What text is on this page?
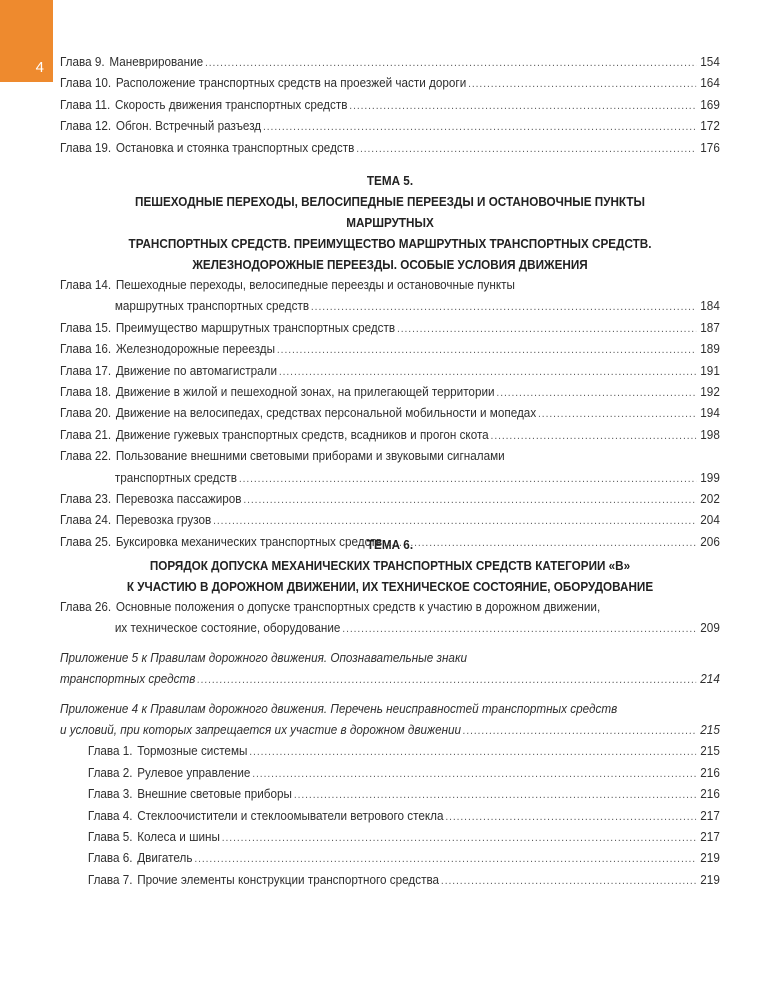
4 Глава 9. Маневрирование .....	154
Глава 10. Расположение транспортных средств на проезжей части дороги .....	164
Глава 11. Скорость движения транспортных средств .....	169
Глава 12. Обгон. Встречный разъезд .....	172
Глава 19. Остановка и стоянка транспортных средств .....	176
ТЕМА 5.
ПЕШЕХОДНЫЕ ПЕРЕХОДЫ, ВЕЛОСИПЕДНЫЕ ПЕРЕЕЗДЫ И ОСТАНОВОЧНЫЕ ПУНКТЫ МАРШРУТНЫХ
ТРАНСПОРТНЫХ СРЕДСТВ. ПРЕИМУЩЕСТВО МАРШРУТНЫХ ТРАНСПОРТНЫХ СРЕДСТВ.
ЖЕЛЕЗНОДОРОЖНЫЕ ПЕРЕЕЗДЫ. ОСОБЫЕ УСЛОВИЯ ДВИЖЕНИЯ
Глава 14. Пешеходные переходы, велосипедные переезды и остановочные пункты
маршрутных транспортных средств .....	184
Глава 15. Преимущество маршрутных транспортных средств .....	187
Глава 16. Железнодорожные переезды .....	189
Глава 17. Движение по автомагистрали .....	191
Глава 18. Движение в жилой и пешеходной зонах, на прилегающей территории .....	192
Глава 20. Движение на велосипедах, средствах персональной мобильности и мопедах .....	194
Глава 21. Движение гужевых транспортных средств, всадников и прогон скота .....	198
Глава 22. Пользование внешними световыми приборами и звуковыми сигналами
транспортных средств .....	199
Глава 23. Перевозка пассажиров .....	202
Глава 24. Перевозка грузов .....	204
Глава 25. Буксировка механических транспортных средств .....	206
ТЕМА 6.
ПОРЯДОК ДОПУСКА МЕХАНИЧЕСКИХ ТРАНСПОРТНЫХ СРЕДСТВ КАТЕГОРИИ «В»
К УЧАСТИЮ В ДОРОЖНОМ ДВИЖЕНИИ, ИХ ТЕХНИЧЕСКОЕ СОСТОЯНИЕ, ОБОРУДОВАНИЕ
Глава 26. Основные положения о допуске транспортных средств к участию в дорожном движении,
их техническое состояние, оборудование .....	209
Приложение 5 к Правилам дорожного движения. Опознавательные знаки
транспортных средств .....	214
Приложение 4 к Правилам дорожного движения. Перечень неисправностей транспортных средств
и условий, при которых запрещается их участие в дорожном движении .....	215
Глава 1. Тормозные системы .....	215
Глава 2. Рулевое управление .....	216
Глава 3. Внешние световые приборы .....	216
Глава 4. Стеклоочистители и стеклоомыватели ветрового стекла .....	217
Глава 5. Колеса и шины .....	217
Глава 6. Двигатель .....	219
Глава 7. Прочие элементы конструкции транспортного средства .....	219
